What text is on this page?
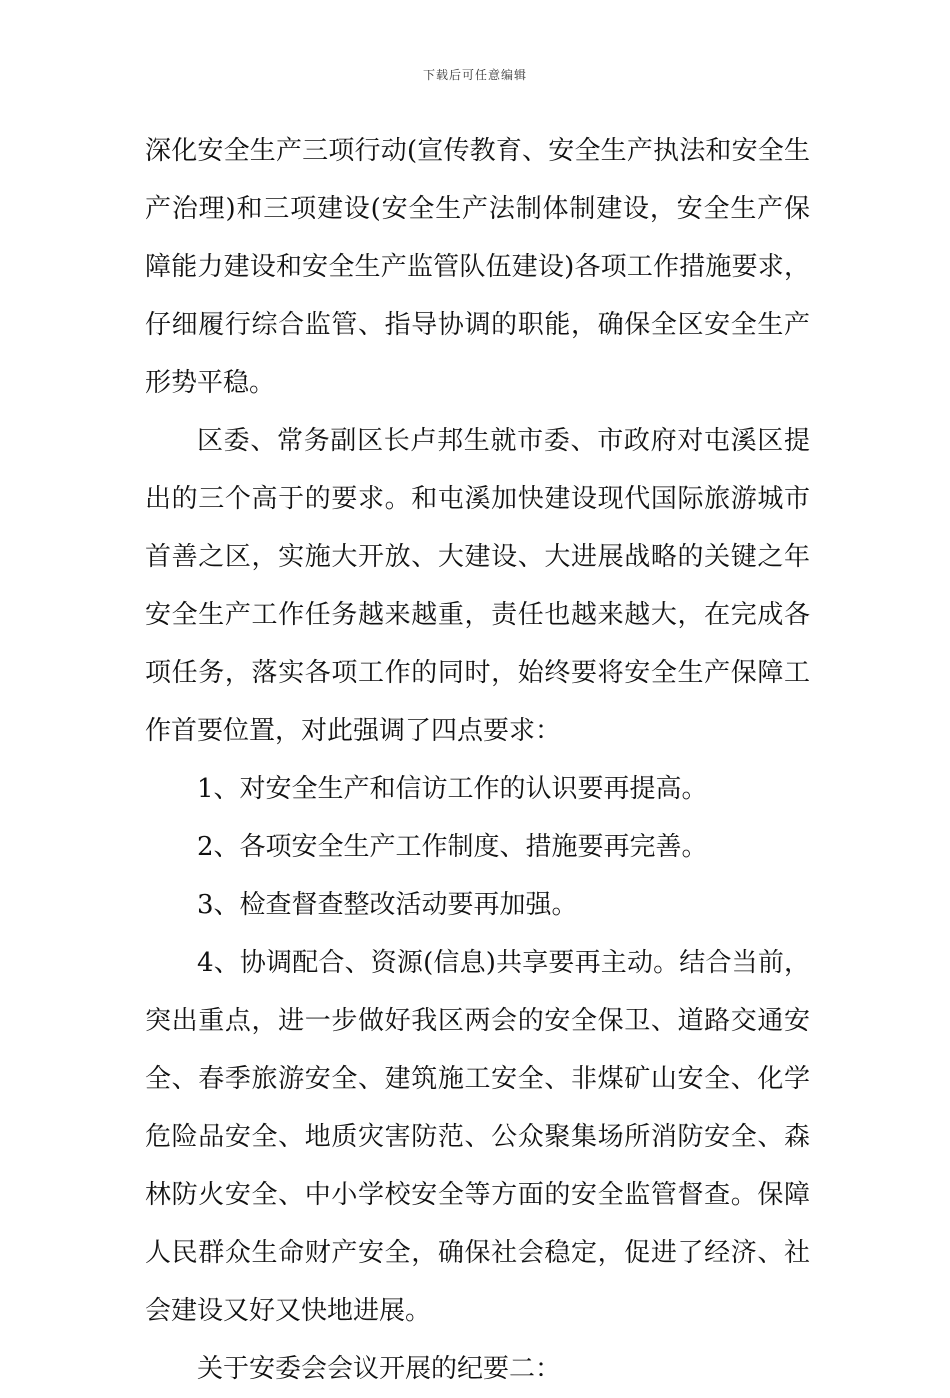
下载后可任意编辑

深化安全生产三项行动(宣传教育、安全生产执法和安全生产治理)和三项建设(安全生产法制体制建设，安全生产保障能力建设和安全生产监管队伍建设)各项工作措施要求，仔细履行综合监管、指导协调的职能，确保全区安全生产形势平稳。

区委、常务副区长卢邦生就市委、市政府对屯溪区提出的三个高于的要求。和屯溪加快建设现代国际旅游城市首善之区，实施大开放、大建设、大进展战略的关键之年安全生产工作任务越来越重，责任也越来越大，在完成各项任务，落实各项工作的同时，始终要将安全生产保障工作首要位置，对此强调了四点要求：

1、对安全生产和信访工作的认识要再提高。

2、各项安全生产工作制度、措施要再完善。

3、检查督查整改活动要再加强。

4、协调配合、资源(信息)共享要再主动。结合当前，突出重点，进一步做好我区两会的安全保卫、道路交通安全、春季旅游安全、建筑施工安全、非煤矿山安全、化学危险品安全、地质灾害防范、公众聚集场所消防安全、森林防火安全、中小学校安全等方面的安全监管督查。保障人民群众生命财产安全，确保社会稳定，促进了经济、社会建设又好又快地进展。

关于安委会会议开展的纪要二：
